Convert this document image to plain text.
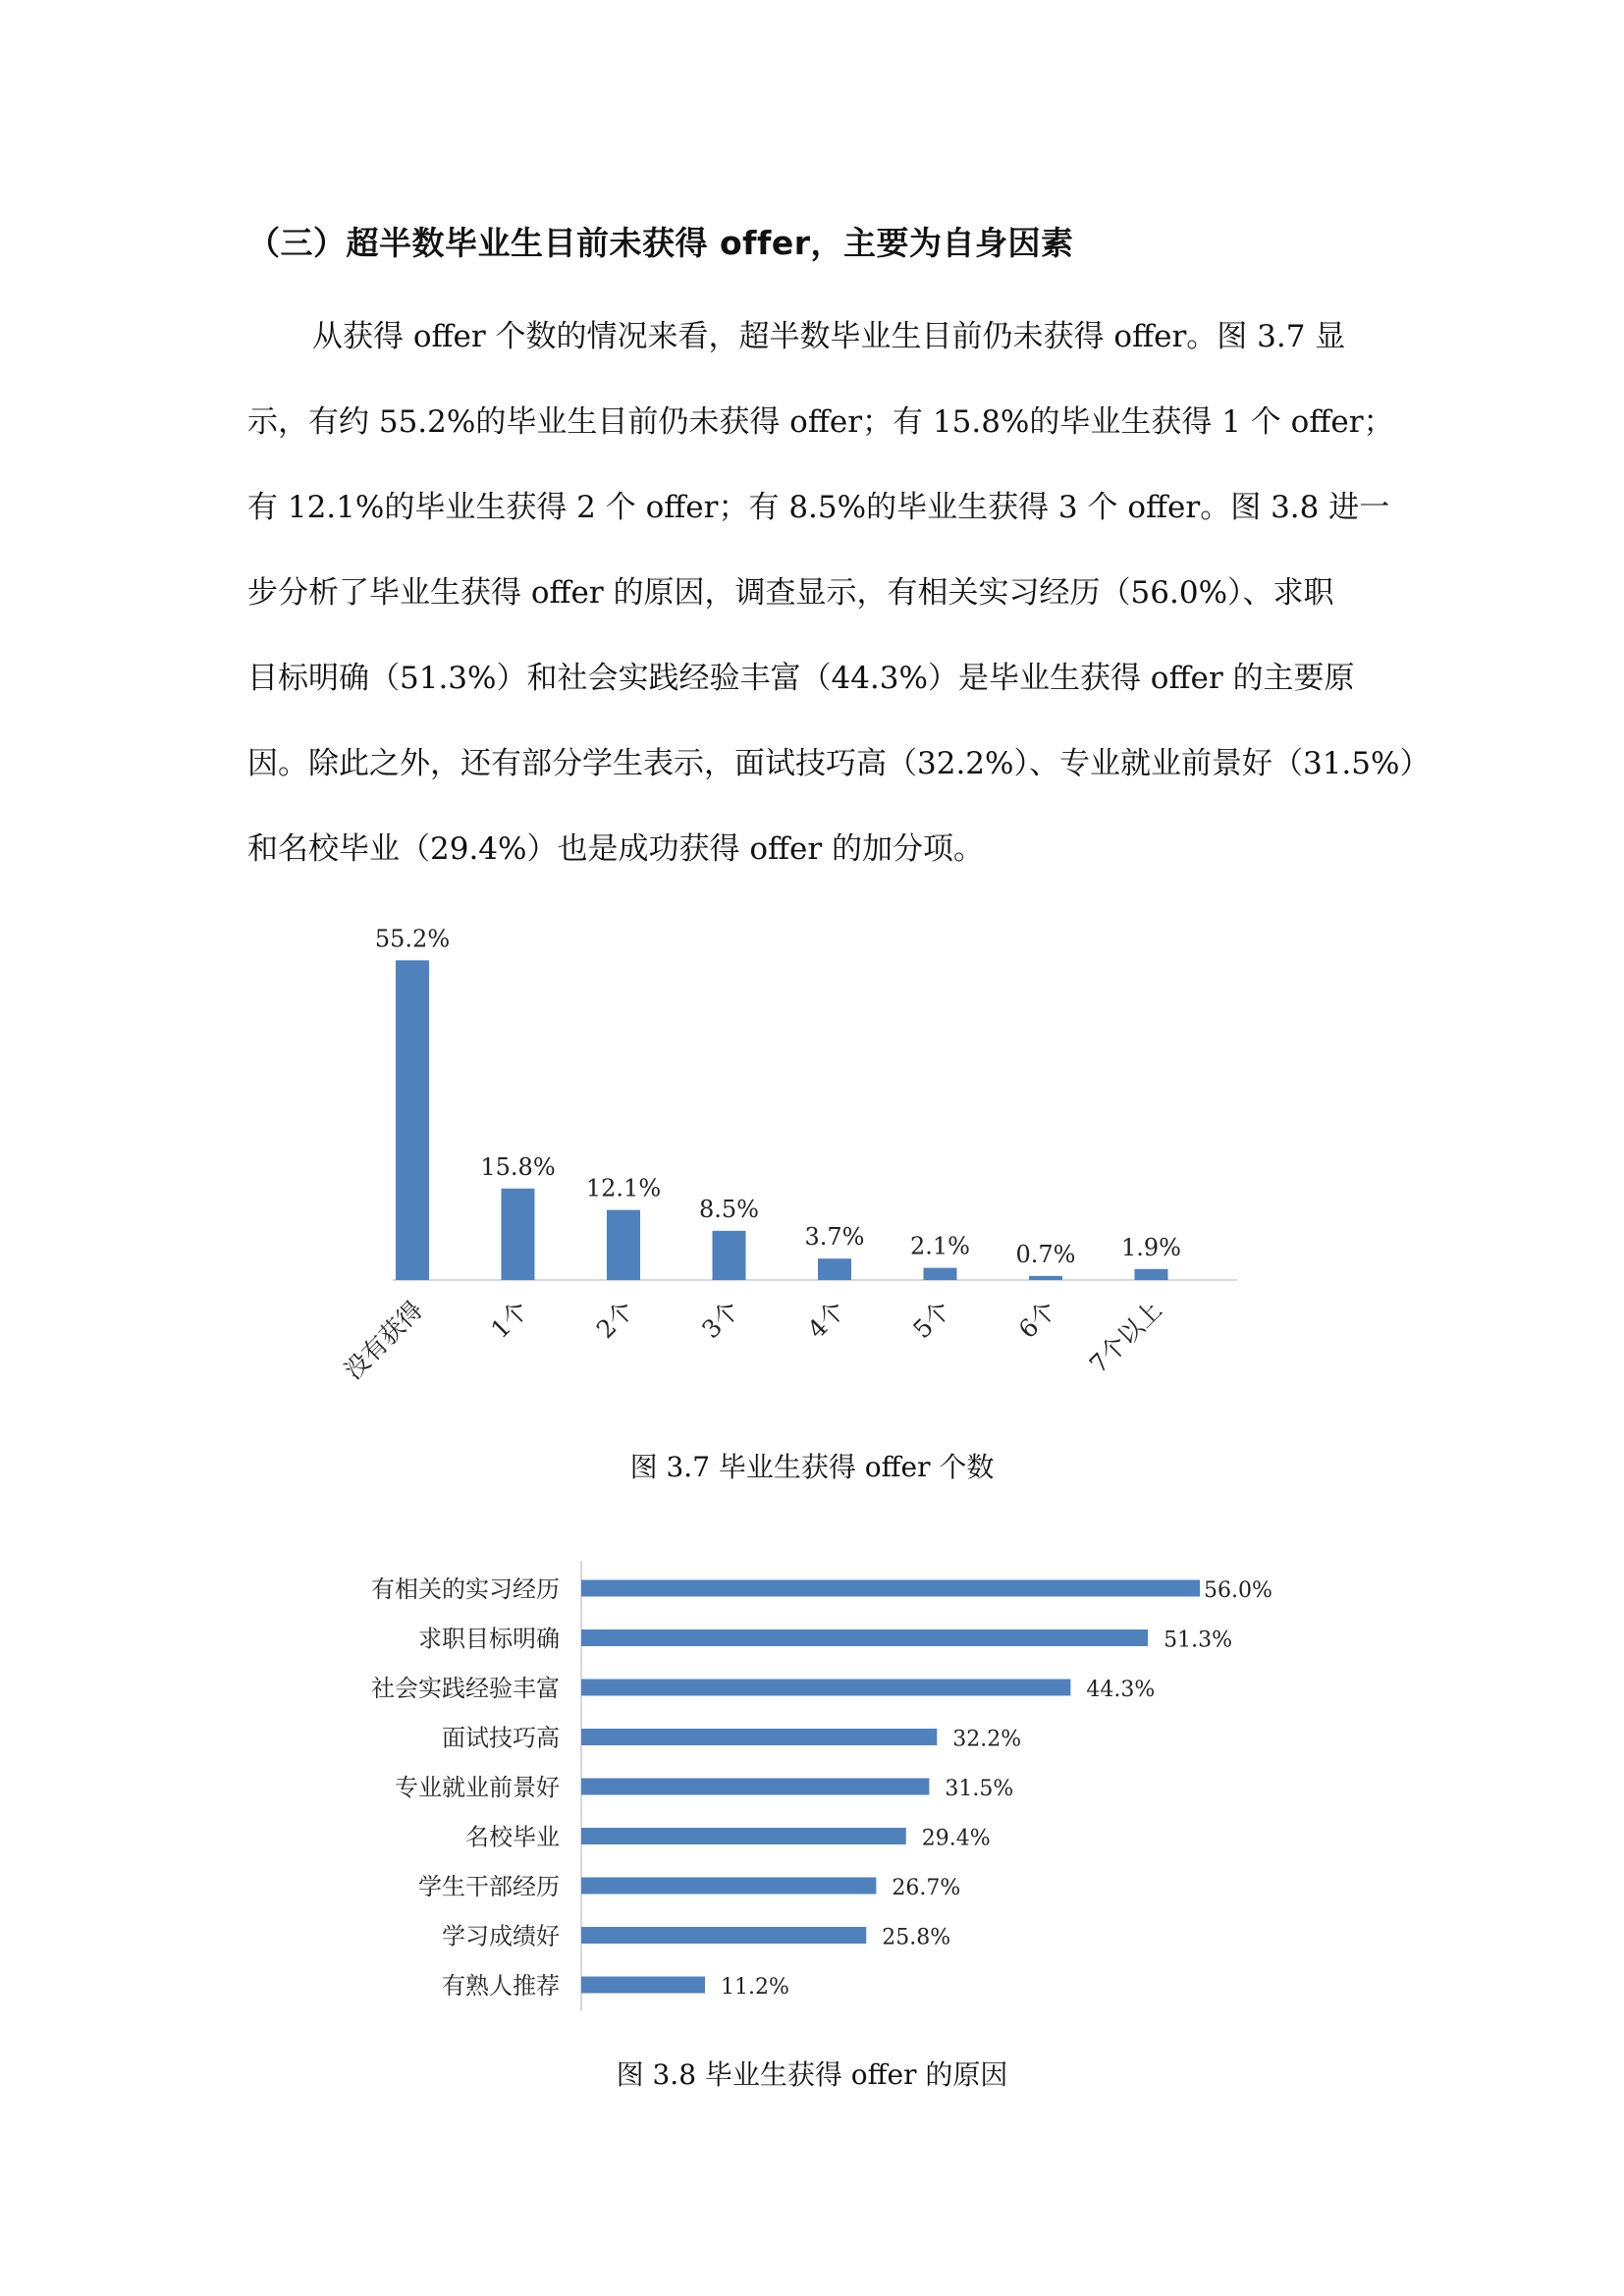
（三）超半数毕业生目前未获得 offer，主要为自身因素
从获得 offer 个数的情况来看，超半数毕业生目前仍未获得 offer。图 3.7 显
示，有约 55.2%的毕业生目前仍未获得 offer；有 15.8%的毕业生获得 1 个 offer；
有 12.1%的毕业生获得 2 个 offer；有 8.5%的毕业生获得 3 个 offer。图 3.8 进一
步分析了毕业生获得 offer 的原因，调查显示，有相关实习经历（56.0%）、求职
目标明确（51.3%）和社会实践经验丰富（44.3%）是毕业生获得 offer 的主要原
因。除此之外，还有部分学生表示，面试技巧高（32.2%）、专业就业前景好（31.5%）
和名校毕业（29.4%）也是成功获得 offer 的加分项。
55.2%
没有获得
15.8%
1个
12.1%
2个
8.5%
3个
3.7%
4个
2.1%
5个
0.7%
6个
1.9%
7个以上

图 3.7 毕业生获得 offer 个数

有相关的实习经历	56.0%
求职目标明确	51.3%
社会实践经验丰富	44.3%
面试技巧高	32.2%
专业就业前景好	31.5%
名校毕业	29.4%
学生干部经历	26.7%
学习成绩好	25.8%
有熟人推荐	11.2%

图 3.8 毕业生获得 offer 的原因
